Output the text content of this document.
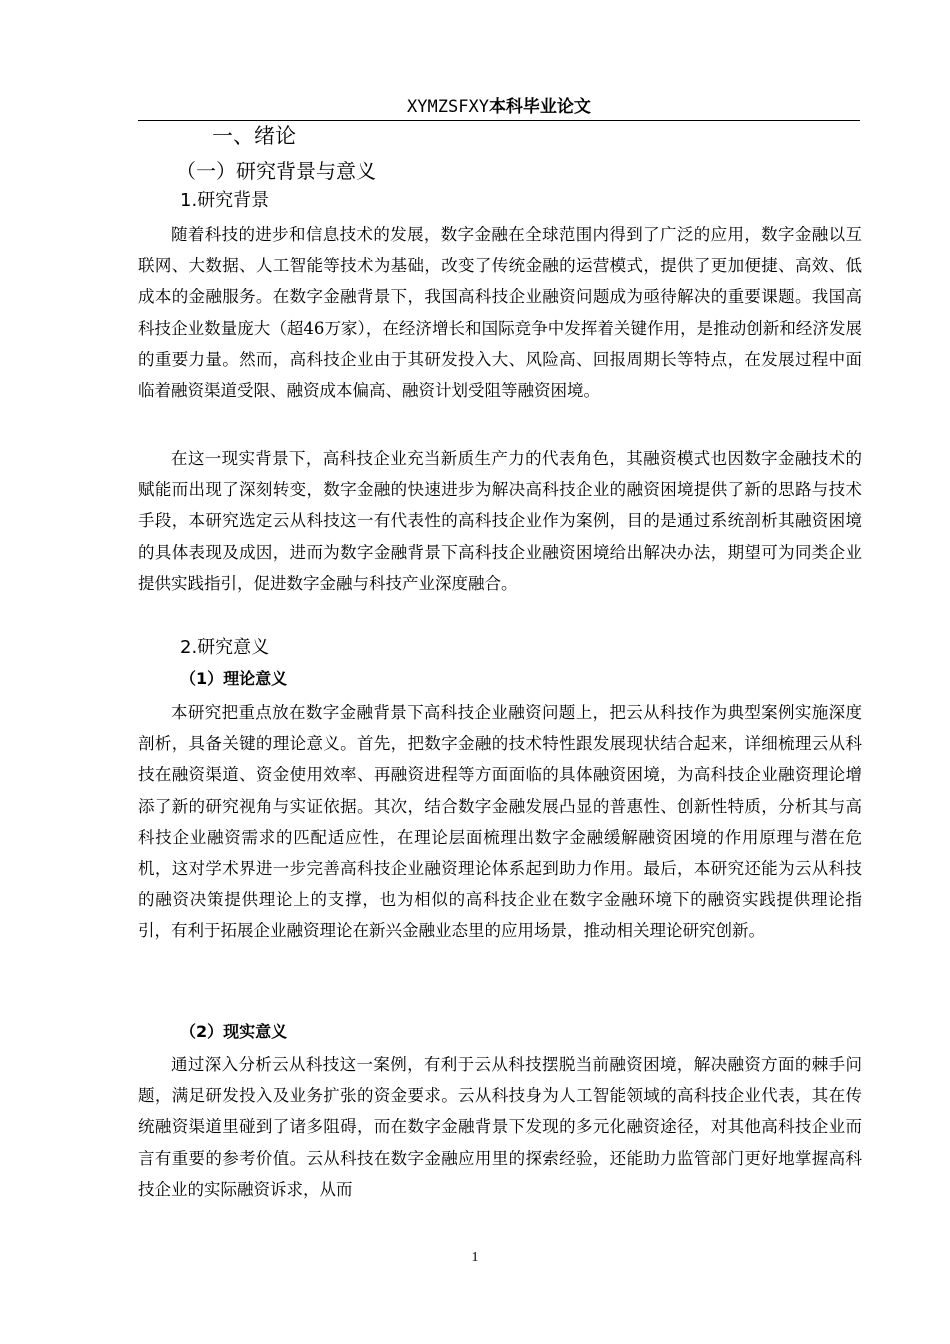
XYMZSFXY本科毕业论文
一、绪论
（一）研究背景与意义
1.研究背景

随着科技的进步和信息技术的发展，数字金融在全球范围内得到了广泛的应用，数字金融以互联网、大数据、人工智能等技术为基础，改变了传统金融的运营模式，提供了更加便捷、高效、低成本的金融服务。在数字金融背景下，我国高科技企业融资问题成为亟待解决的重要课题。我国高科技企业数量庞大（超46万家），在经济增长和国际竞争中发挥着关键作用，是推动创新和经济发展的重要力量。然而，高科技企业由于其研发投入大、风险高、回报周期长等特点，在发展过程中面临着融资渠道受限、融资成本偏高、融资计划受阻等融资困境。

在这一现实背景下，高科技企业充当新质生产力的代表角色，其融资模式也因数字金融技术的赋能而出现了深刻转变，数字金融的快速进步为解决高科技企业的融资困境提供了新的思路与技术手段，本研究选定云从科技这一有代表性的高科技企业作为案例，目的是通过系统剖析其融资困境的具体表现及成因，进而为数字金融背景下高科技企业融资困境给出解决办法，期望可为同类企业提供实践指引，促进数字金融与科技产业深度融合。

2.研究意义
（1）理论意义

本研究把重点放在数字金融背景下高科技企业融资问题上，把云从科技作为典型案例实施深度剖析，具备关键的理论意义。首先，把数字金融的技术特性跟发展现状结合起来，详细梳理云从科技在融资渠道、资金使用效率、再融资进程等方面面临的具体融资困境，为高科技企业融资理论增添了新的研究视角与实证依据。其次，结合数字金融发展凸显的普惠性、创新性特质，分析其与高科技企业融资需求的匹配适应性，在理论层面梳理出数字金融缓解融资困境的作用原理与潜在危机，这对学术界进一步完善高科技企业融资理论体系起到助力作用。最后，本研究还能为云从科技的融资决策提供理论上的支撑，也为相似的高科技企业在数字金融环境下的融资实践提供理论指引，有利于拓展企业融资理论在新兴金融业态里的应用场景，推动相关理论研究创新。

（2）现实意义

通过深入分析云从科技这一案例，有利于云从科技摆脱当前融资困境，解决融资方面的棘手问题，满足研发投入及业务扩张的资金要求。云从科技身为人工智能领域的高科技企业代表，其在传统融资渠道里碰到了诸多阻碍，而在数字金融背景下发现的多元化融资途径，对其他高科技企业而言有重要的参考价值。云从科技在数字金融应用里的探索经验，还能助力监管部门更好地掌握高科技企业的实际融资诉求，从而

1
